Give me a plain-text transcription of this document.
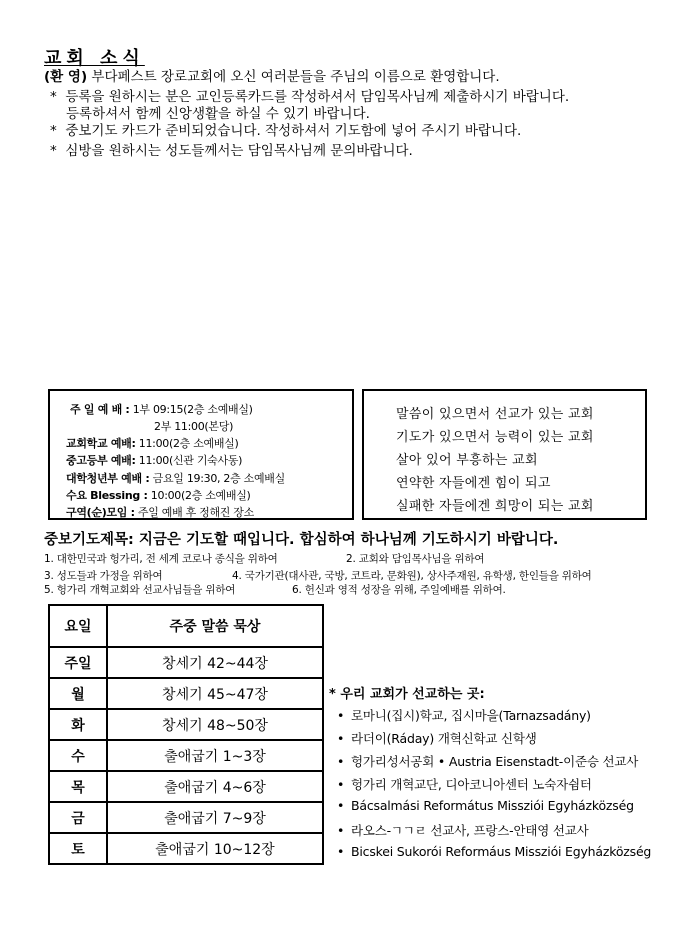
교회 소식
(환 영) 부다페스트 장로교회에 오신 여러분들을 주님의 이름으로 환영합니다.
* 등록을 원하시는 분은 교인등록카드를 작성하셔서 담임목사님께 제출하시기 바랍니다.
등록하셔서 함께 신앙생활을 하실 수 있기 바랍니다.
* 중보기도 카드가 준비되었습니다. 작성하셔서 기도함에 넣어 주시기 바랍니다.
* 심방을 원하시는 성도들께서는 담임목사님께 문의바랍니다.
주 일 예 배 : 1부 09:15(2층 소예배실)
2부 11:00(본당)
교회학교 예배: 11:00(2층 소예배실)
중고등부 예배: 11:00(신관 기숙사동)
대학청년부 예배 : 금요일 19:30, 2층 소예배실
수요 Blessing : 10:00(2층 소예배실)
구역(순)모임 : 주일 예배 후 정해진 장소
말씀이 있으면서 선교가 있는 교회
기도가 있으면서 능력이 있는 교회
살아 있어 부흥하는 교회
연약한 자들에겐 힘이 되고
실패한 자들에겐 희망이 되는 교회
중보기도제목: 지금은 기도할 때입니다. 합심하여 하나님께 기도하시기 바랍니다.
1. 대한민국과 헝가리, 전 세계 코로나 종식을 위하여	2. 교회와 담임목사님을 위하여
3. 성도들과 가정을 위하여	4. 국가기관(대사관, 국방, 코트라, 문화원), 상사주재원, 유학생, 한인들을 위하여
5. 헝가리 개혁교회와 선교사님들을 위하여	6. 헌신과 영적 성장을 위해, 주일예배를 위하여.
요일	주중 말씀 묵상
주일	창세기 42~44장
월	창세기 45~47장
화	창세기 48~50장
수	출애굽기 1~3장
목	출애굽기 4~6장
금	출애굽기 7~9장
토	출애굽기 10~12장
* 우리 교회가 선교하는 곳:
• 로마니(집시)학교, 집시마을(Tarnazsadány)
• 라더이(Ráday) 개혁신학교 신학생
• 헝가리성서공회 • Austria Eisenstadt-이준승 선교사
• 헝가리 개혁교단, 디아코니아센터 노숙자쉼터
• Bácsalmási Református Missziói Egyházközség
• 라오스-ㄱㄱㄹ 선교사, 프랑스-안태영 선교사
• Bicskei Sukorói Reformáus Missziói Egyházközség
